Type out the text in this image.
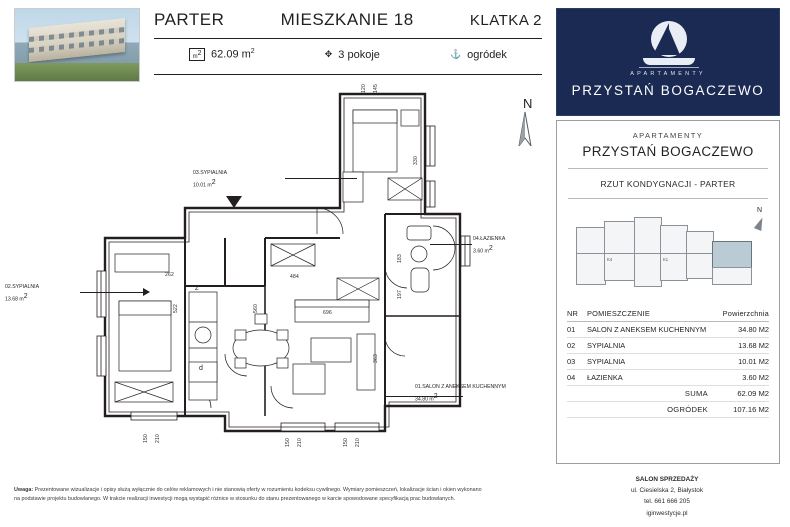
PARTER	MIESZKANIE 18	KLATKA 2
m2 62.09 $m^2$	✥ 3 pokoje	⚓ ogródek
N
Z
d
120 145
330
262	484
183
197
522	560
696
363
150 210	150 210	150 210
03.SYPIALNIA
10.01 m2
04.ŁAZIENKA
3.60 m2
02.SYPIALNIA
13.68 m2
01.SALON Z ANEKSEM KUCHENNYM
34.80 m2
Uwaga: Prezentowane wizualizacje i opisy służą wyłącznie do celów reklamowych i nie stanowią oferty w rozumieniu kodeksu cywilnego. Wymiary pomieszczeń, lokalizacje ścian i okien wykonano
na podstawie projektu budowlanego. W trakcie realizacji inwestycji mogą wystąpić różnice w stosunku do stanu prezentowanego w karcie spowodowane specyfikacją prac budowlanych.
APARTAMENTY
PRZYSTAŃ BOGACZEWO
APARTAMENTY
PRZYSTAŃ BOGACZEWO
RZUT KONDYGNACJI - PARTER
N
K4	K1
NR	POMIESZCZENIE	Powierzchnia
01	SALON Z ANEKSEM KUCHENNYM	34.80 M2
02	SYPIALNIA	13.68 M2
03	SYPIALNIA	10.01 M2
04	ŁAZIENKA	3.60 M2
	SUMA	62.09 M2
	OGRÓDEK	107.16 M2
SALON SPRZEDAŻY
ul. Ciesielska 2, Białystok
tel. 661 666 205
iginwestycje.pl
